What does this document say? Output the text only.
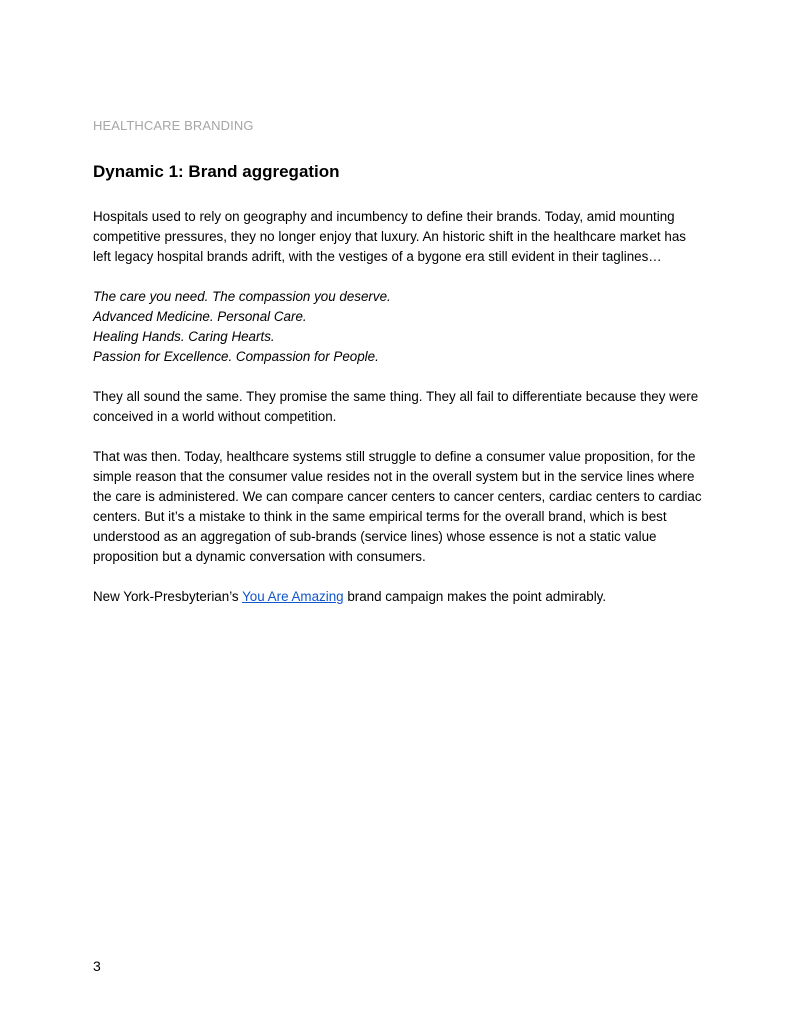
HEALTHCARE BRANDING
Dynamic 1: Brand aggregation

Hospitals used to rely on geography and incumbency to define their brands. Today, amid mounting competitive pressures, they no longer enjoy that luxury. An historic shift in the healthcare market has left legacy hospital brands adrift, with the vestiges of a bygone era still evident in their taglines…

The care you need. The compassion you deserve.
Advanced Medicine. Personal Care.
Healing Hands. Caring Hearts.
Passion for Excellence. Compassion for People.

They all sound the same. They promise the same thing. They all fail to differentiate because they were conceived in a world without competition.

That was then. Today, healthcare systems still struggle to define a consumer value proposition, for the simple reason that the consumer value resides not in the overall system but in the service lines where the care is administered. We can compare cancer centers to cancer centers, cardiac centers to cardiac centers. But it’s a mistake to think in the same empirical terms for the overall brand, which is best understood as an aggregation of sub-brands (service lines) whose essence is not a static value proposition but a dynamic conversation with consumers.

New York-Presbyterian’s You Are Amazing brand campaign makes the point admirably.

3
